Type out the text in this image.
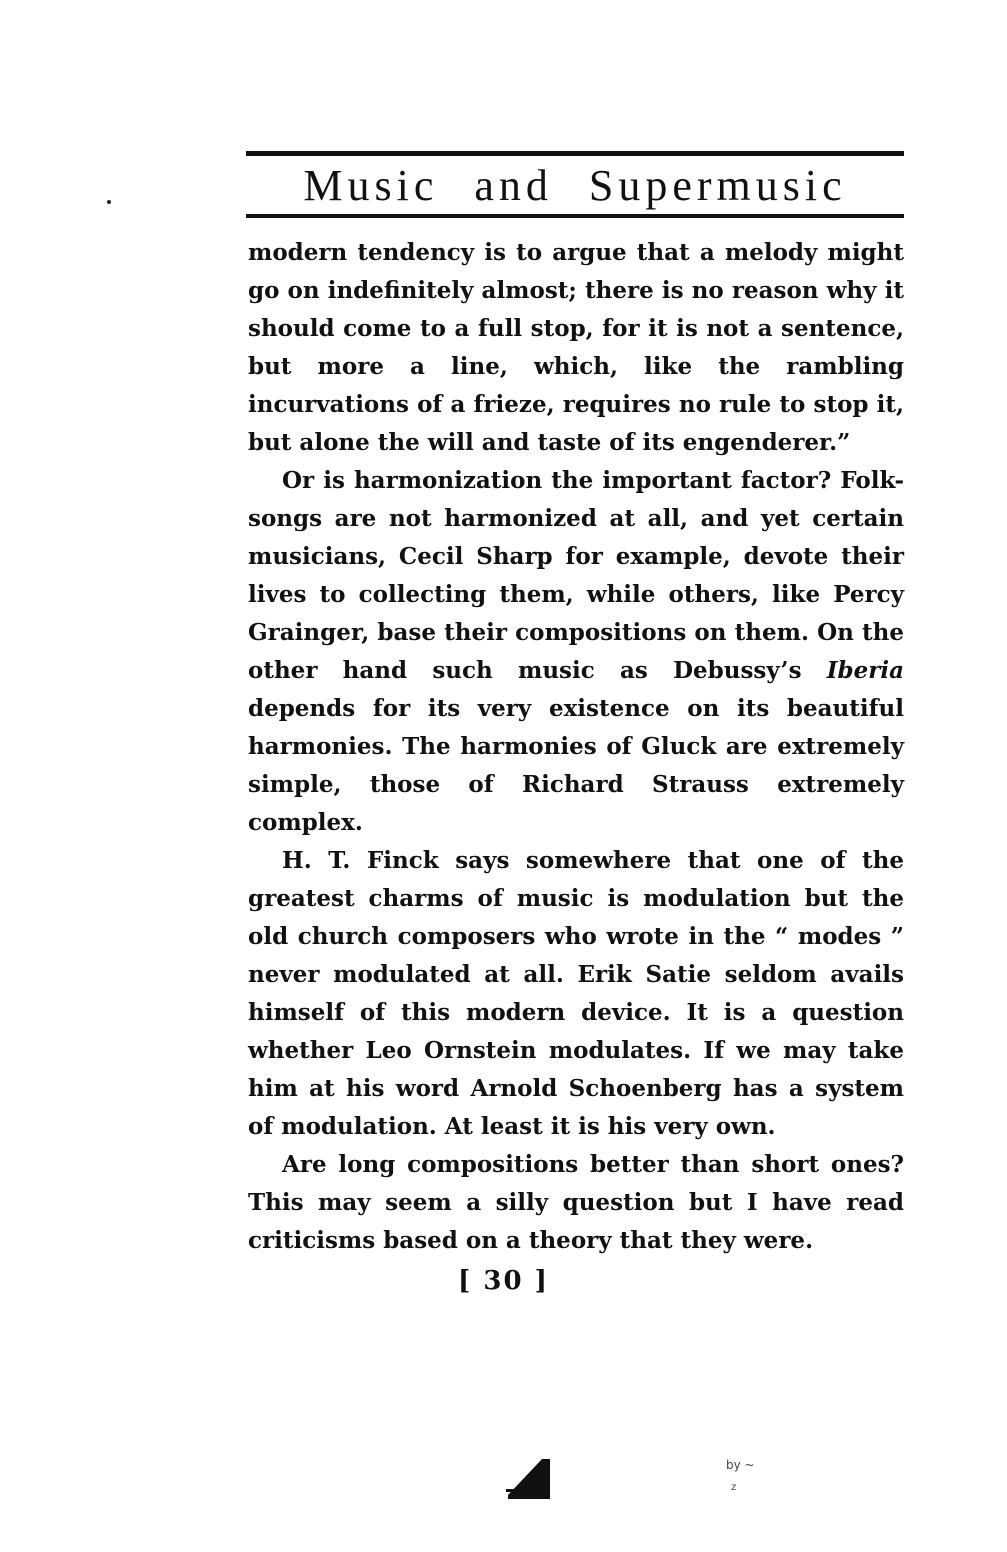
Music and Supermusic

modern tendency is to argue that a melody might go on indefinitely almost; there is no reason why it should come to a full stop, for it is not a sentence, but more a line, which, like the rambling incurvations of a frieze, requires no rule to stop it, but alone the will and taste of its engenderer.”

Or is harmonization the important factor? Folk-songs are not harmonized at all, and yet certain musicians, Cecil Sharp for example, devote their lives to collecting them, while others, like Percy Grainger, base their compositions on them. On the other hand such music as Debussy’s Iberia depends for its very existence on its beautiful harmonies. The harmonies of Gluck are extremely simple, those of Richard Strauss extremely complex.

H. T. Finck says somewhere that one of the greatest charms of music is modulation but the old church composers who wrote in the “ modes ” never modulated at all. Erik Satie seldom avails himself of this modern device. It is a question whether Leo Ornstein modulates. If we may take him at his word Arnold Schoenberg has a system of modulation. At least it is his very own.

Are long compositions better than short ones? This may seem a silly question but I have read criticisms based on a theory that they were.

[ 30 ]
by ~
z
